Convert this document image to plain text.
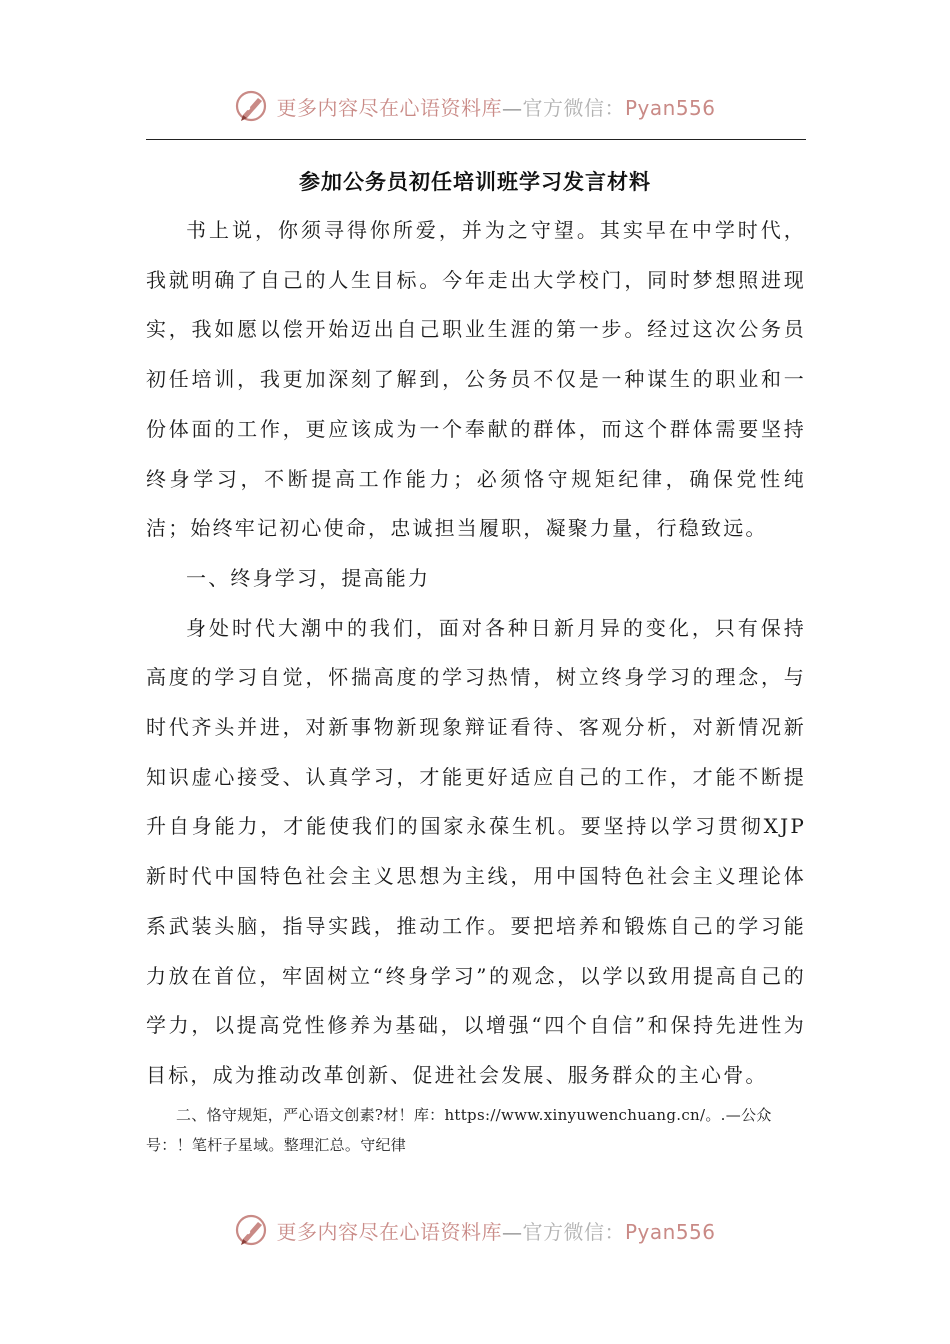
更多内容尽在心语资料库—官方微信：Pyan556
参加公务员初任培训班学习发言材料

书上说，你须寻得你所爱，并为之守望。其实早在中学时代，我就明确了自己的人生目标。今年走出大学校门，同时梦想照进现实，我如愿以偿开始迈出自己职业生涯的第一步。经过这次公务员初任培训，我更加深刻了解到，公务员不仅是一种谋生的职业和一份体面的工作，更应该成为一个奉献的群体，而这个群体需要坚持终身学习，不断提高工作能力；必须恪守规矩纪律，确保党性纯洁；始终牢记初心使命，忠诚担当履职，凝聚力量，行稳致远。

一、终身学习，提高能力

身处时代大潮中的我们，面对各种日新月异的变化，只有保持高度的学习自觉，怀揣高度的学习热情，树立终身学习的理念，与时代齐头并进，对新事物新现象辩证看待、客观分析，对新情况新知识虚心接受、认真学习，才能更好适应自己的工作，才能不断提升自身能力，才能使我们的国家永葆生机。要坚持以学习贯彻XJP新时代中国特色社会主义思想为主线，用中国特色社会主义理论体系武装头脑，指导实践，推动工作。要把培养和锻炼自己的学习能力放在首位，牢固树立“终身学习”的观念，以学以致用提高自己的学力，以提高党性修养为基础，以增强“四个自信”和保持先进性为目标，成为推动改革创新、促进社会发展、服务群众的主心骨。

二、恪守规矩，严心语文创素?材！库：https://www.xinyuwenchuang.cn/。.—公众号：！笔杆子星域。整理汇总。守纪律
更多内容尽在心语资料库—官方微信：Pyan556
